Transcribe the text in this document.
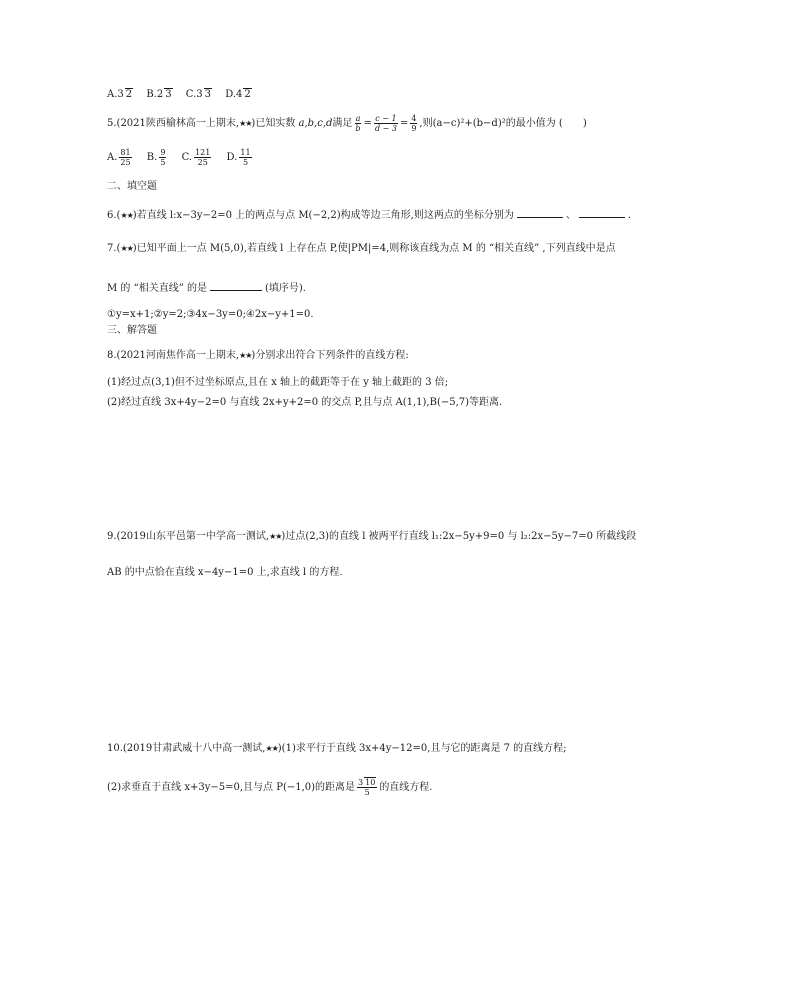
A.3 2 B.2 3 C.3 3 D.4 2
5.(2021陕西榆林高一上期末,★★)已知实数 a,b,c,d满足 $\frac{a}{b} = \frac{c - 1}{d - 3} = \frac{4}{9}$ ,则(a−c)²+(b−d)²的最小值为 ( )
A. $\frac{81}{25} B$. $\frac{9}{5} C$. $\frac{121}{25} D$. $\frac{11}{5}$
二、填空题
6.(★★)若直线 l:x−3y−2=0 上的两点与点 M(−2,2)构成等边三角形,则这两点的坐标分别为	、	.
7.(★★)已知平面上一点 M(5,0),若直线 l 上存在点 P,使|PM|=4,则称该直线为点 M 的 “相关直线” ,下列直线中是点
M 的 “相关直线” 的是	(填序号).
①y=x+1;②y=2;③4x−3y=0;④2x−y+1=0.
三、解答题
8.(2021河南焦作高一上期末,★★)分别求出符合下列条件的直线方程:
(1)经过点(3,1)但不过坐标原点,且在 x 轴上的截距等于在 y 轴上截距的 3 倍;
(2)经过直线 3x+4y−2=0 与直线 2x+y+2=0 的交点 P,且与点 A(1,1),B(−5,7)等距离.
9.(2019山东平邑第一中学高一测试,★★)过点(2,3)的直线 l 被两平行直线 l₁:2x−5y+9=0 与 l₂:2x−5y−7=0 所截线段
AB 的中点恰在直线 x−4y−1=0 上,求直线 l 的方程.
10.(2019甘肃武威十八中高一测试,★★)(1)求平行于直线 3x+4y−12=0,且与它的距离是 7 的直线方程;
(2)求垂直于直线 x+3y−5=0,且与点 P(−1,0)的距离是 $\frac{3 10}{5}$ 的直线方程.
